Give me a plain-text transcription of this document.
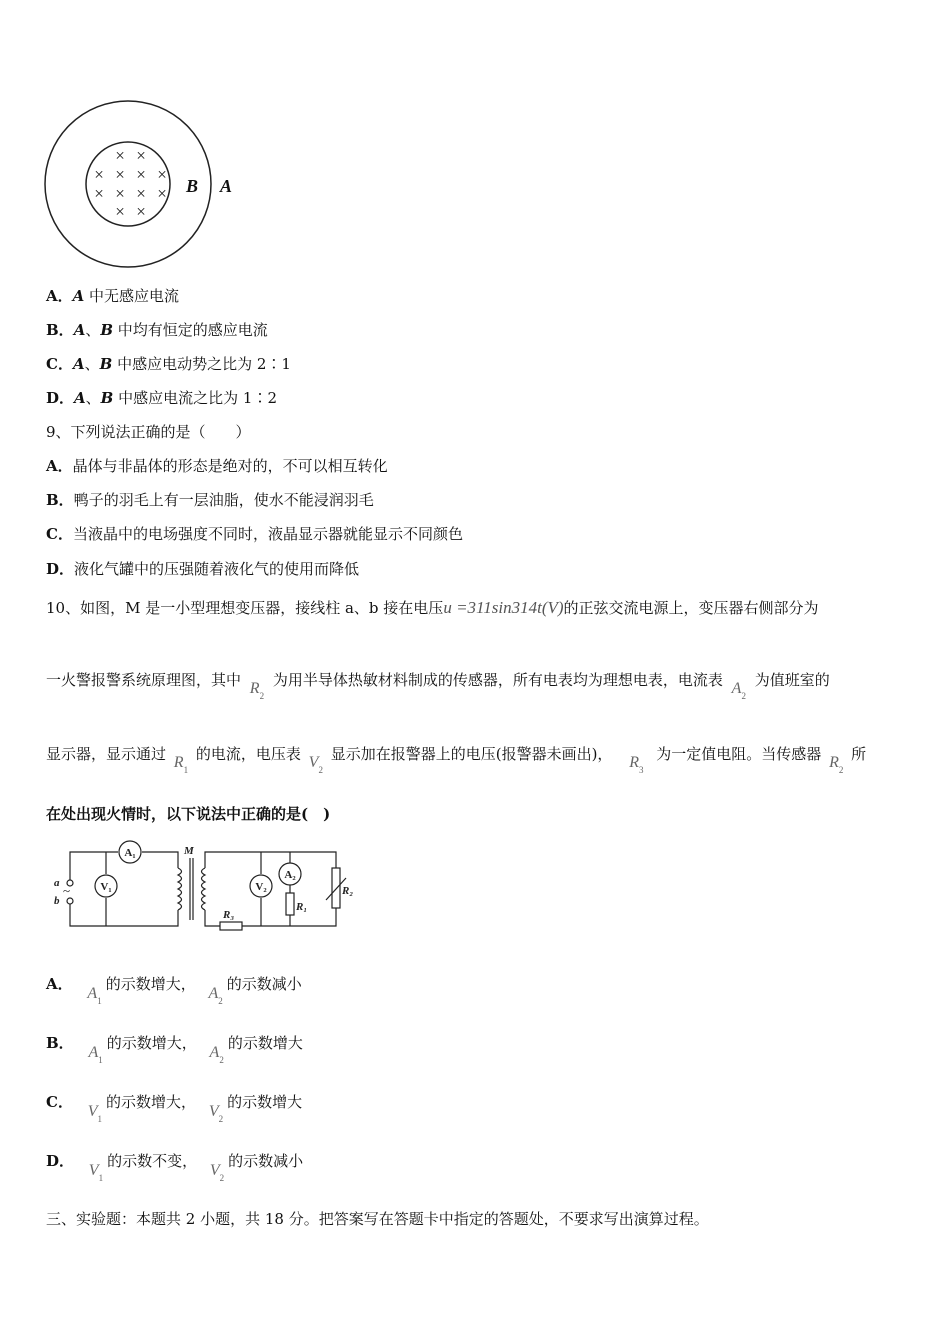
× ×
× × × ×
× × × ×
× ×
B A
A．A 中无感应电流
B．A、B 中均有恒定的感应电流
C．A、B 中感应电动势之比为 2∶1
D．A、B 中感应电流之比为 1∶2
9、下列说法正确的是（　　）
A．晶体与非晶体的形态是绝对的，不可以相互转化
B．鸭子的羽毛上有一层油脂，使水不能浸润羽毛
C．当液晶中的电场强度不同时，液晶显示器就能显示不同颜色
D．液化气罐中的压强随着液化气的使用而降低
10、如图，M 是一小型理想变压器，接线柱 a、b 接在电压u =311sin314t(V)的正弦交流电源上，变压器右侧部分为
一火警报警系统原理图，其中 $R_2$ 为用半导体热敏材料制成的传感器，所有电表均为理想电表，电流表 $A_2$ 为值班室的
显示器，显示通过 $R_1$ 的电流，电压表 $V_2$ 显示加在报警器上的电压(报警器未画出)， $R_3$ 为一定值电阻。当传感器 $R_2$ 所
在处出现火情时，以下说法中正确的是(　)
A₁
V₁
a
b
~
M
R₃
V₂
A₂
R₁
R₂
A． $A_1$的示数增大， $A_2$的示数减小
B． $A_1$的示数增大， $A_2$的示数增大
C． $V_1$的示数增大， $V_2$的示数增大
D． $V_1$的示数不变， $V_2$的示数减小
三、实验题：本题共 2 小题，共 18 分。把答案写在答题卡中指定的答题处，不要求写出演算过程。
